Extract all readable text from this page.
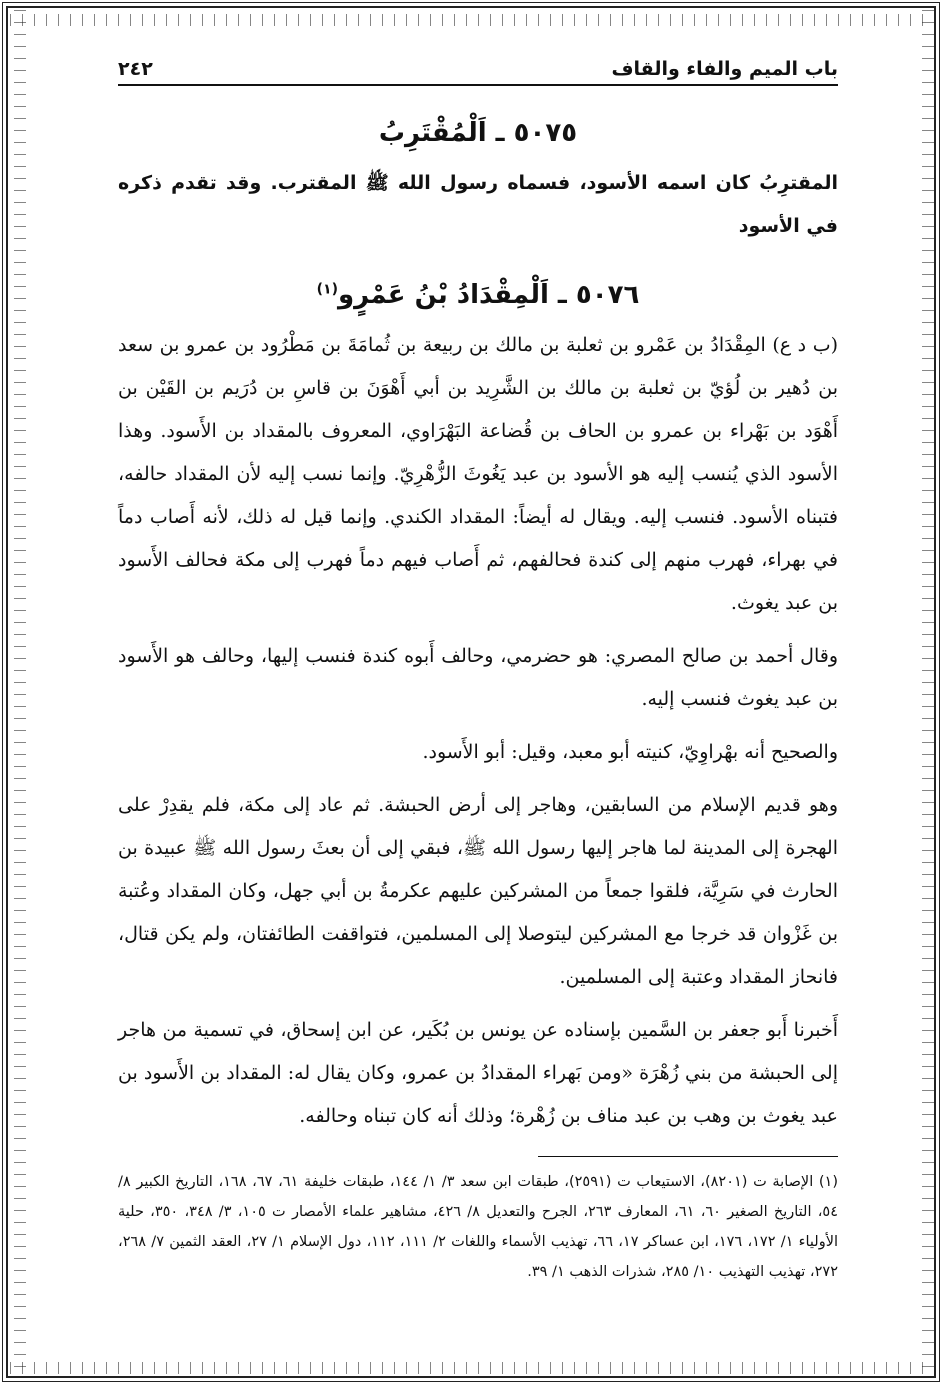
باب الميم والفاء والقاف
٢٤٢
٥٠٧٥ ـ اَلْمُقْتَرِبُ

المقترِبُ كان اسمه الأسود، فسماه رسول الله ﷺ المقترب. وقد تقدم ذكره في الأسود

٥٠٧٦ ـ اَلْمِقْدَادُ بْنُ عَمْرٍو$^{(١)}$

(ب د ع) المِقْدَادُ بن عَمْرو بن ثعلبة بن مالك بن ربيعة بن ثُمامَةَ بن مَطْرُود بن عمرو بن سعد بن دُهير بن لُؤيّ بن ثعلبة بن مالك بن الشَّرِيد بن أبي أَهْوَنَ بن قاسِ بن دُرَيم بن القَيْن بن أَهْوَد بن بَهْراء بن عمرو بن الحاف بن قُضاعة البَهْرَاوي، المعروف بالمقداد بن الأَسود. وهذا الأسود الذي يُنسب إليه هو الأسود بن عبد يَغُوثَ الزُّهْرِيّ. وإنما نسب إليه لأن المقداد حالفه، فتبناه الأسود. فنسب إليه. ويقال له أيضاً: المقداد الكندي. وإنما قيل له ذلك، لأنه أَصاب دماً في بهراء، فهرب منهم إلى كندة فحالفهم، ثم أَصاب فيهم دماً فهرب إلى مكة فحالف الأَسود بن عبد يغوث.

وقال أحمد بن صالح المصري: هو حضرمي، وحالف أَبوه كندة فنسب إليها، وحالف هو الأَسود بن عبد يغوث فنسب إليه.

والصحيح أنه بهْراوِيّ، كنيته أبو معبد، وقيل: أبو الأَسود.

وهو قديم الإسلام من السابقين، وهاجر إلى أرض الحبشة. ثم عاد إلى مكة، فلم يقدِرْ على الهجرة إلى المدينة لما هاجر إليها رسول الله ﷺ، فبقي إلى أن بعثَ رسول الله ﷺ عبيدة بن الحارث في سَرِيَّة، فلقوا جمعاً من المشركين عليهم عكرمةُ بن أبي جهل، وكان المقداد وعُتبة بن غَزْوان قد خرجا مع المشركين ليتوصلا إلى المسلمين، فتواقفت الطائفتان، ولم يكن قتال، فانحاز المقداد وعتبة إلى المسلمين.

أَخبرنا أَبو جعفر بن السَّمين بإسناده عن يونس بن بُكَير، عن ابن إسحاق، في تسمية من هاجر إلى الحبشة من بني زُهْرَة «ومن بَهراء المقدادُ بن عمرو، وكان يقال له: المقداد بن الأَسود بن عبد يغوث بن وهب بن عبد مناف بن زُهْرة؛ وذلك أنه كان تبناه وحالفه.

(١) الإصابة ت (٨٢٠١)، الاستيعاب ت (٢٥٩١)، طبقات ابن سعد ٣/ ١/ ١٤٤، طبقات خليفة ٦١، ٦٧، ١٦٨، التاريخ الكبير ٨/ ٥٤، التاريخ الصغير ٦٠، ٦١، المعارف ٢٦٣، الجرح والتعديل ٨/ ٤٢٦، مشاهير علماء الأمصار ت ١٠٥، ٣/ ٣٤٨، ٣٥٠، حلية الأولياء ١/ ١٧٢، ١٧٦، ابن عساكر ١٧، ٦٦، تهذيب الأسماء واللغات ٢/ ١١١، ١١٢، دول الإسلام ١/ ٢٧، العقد الثمين ٧/ ٢٦٨، ٢٧٢، تهذيب التهذيب ١٠/ ٢٨٥، شذرات الذهب ١/ ٣٩.
